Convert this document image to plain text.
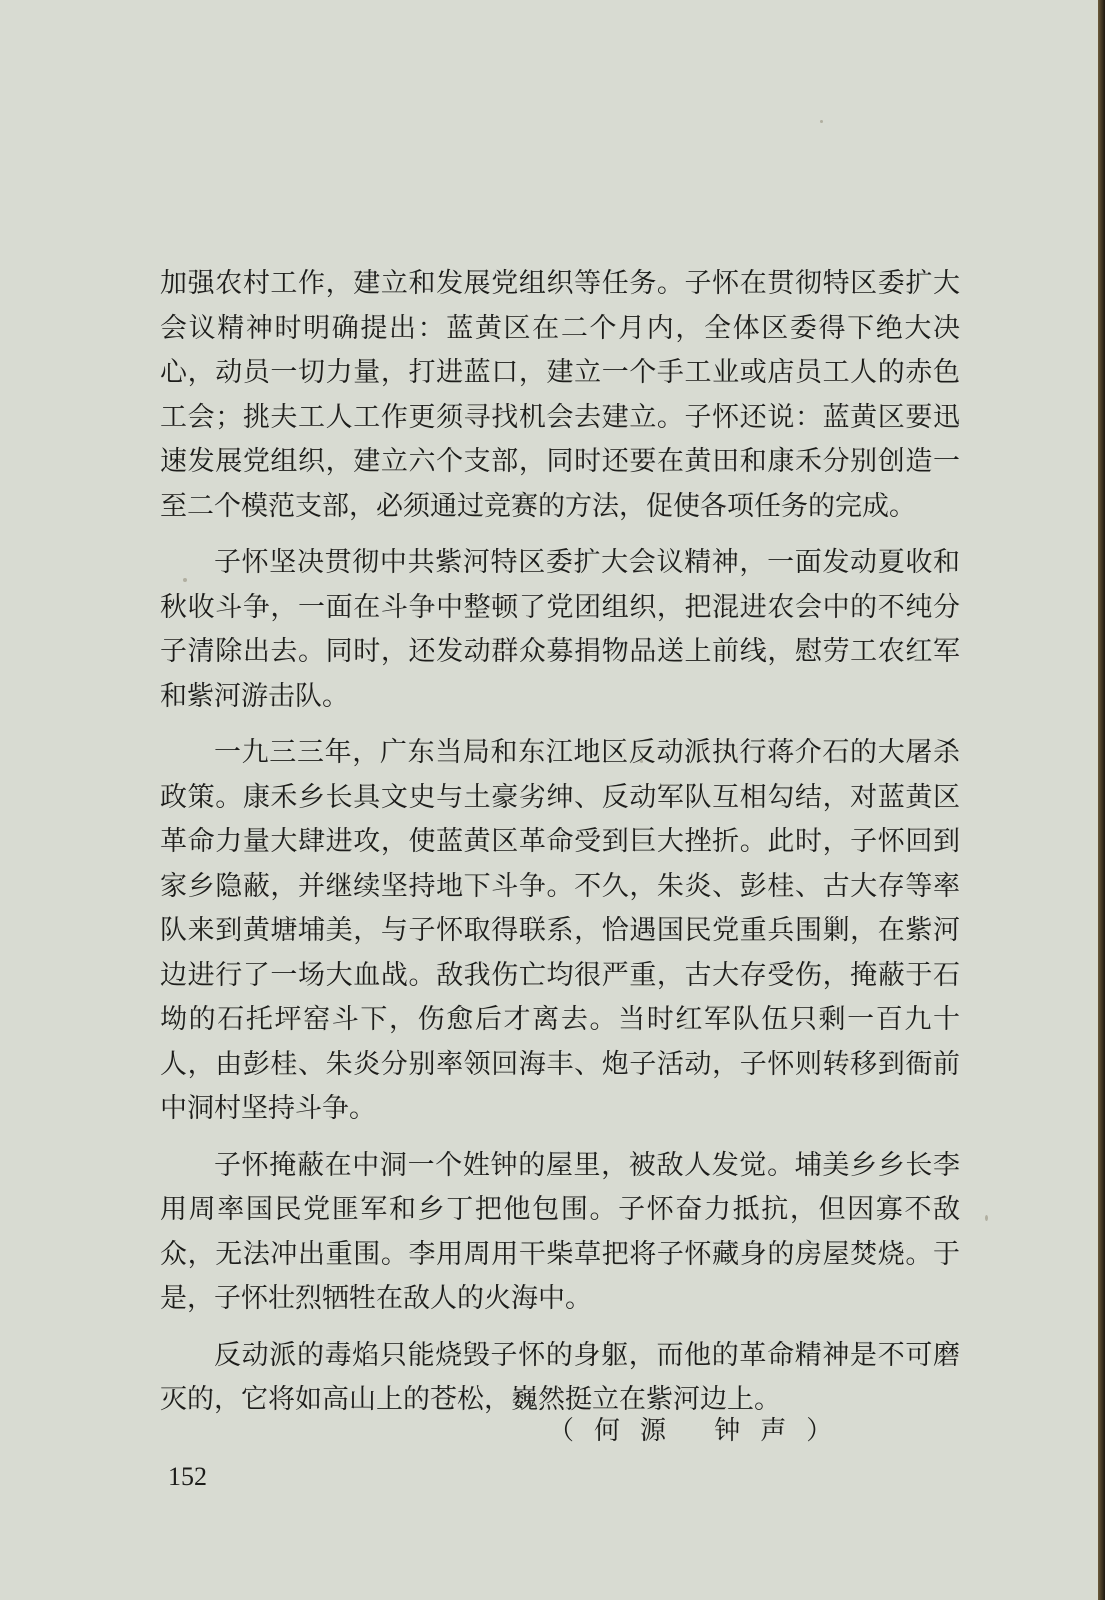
加强农村工作，建立和发展党组织等任务。子怀在贯彻特区委扩大会议精神时明确提出：蓝黄区在二个月内，全体区委得下绝大决心，动员一切力量，打进蓝口，建立一个手工业或店员工人的赤色工会；挑夫工人工作更须寻找机会去建立。子怀还说：蓝黄区要迅速发展党组织，建立六个支部，同时还要在黄田和康禾分别创造一至二个模范支部，必须通过竞赛的方法，促使各项任务的完成。

子怀坚决贯彻中共紫河特区委扩大会议精神，一面发动夏收和秋收斗争，一面在斗争中整顿了党团组织，把混进农会中的不纯分子清除出去。同时，还发动群众募捐物品送上前线，慰劳工农红军和紫河游击队。

一九三三年，广东当局和东江地区反动派执行蒋介石的大屠杀政策。康禾乡长具文史与土豪劣绅、反动军队互相勾结，对蓝黄区革命力量大肆进攻，使蓝黄区革命受到巨大挫折。此时，子怀回到家乡隐蔽，并继续坚持地下斗争。不久，朱炎、彭桂、古大存等率队来到黄塘埔美，与子怀取得联系，恰遇国民党重兵围剿，在紫河边进行了一场大血战。敌我伤亡均很严重，古大存受伤，掩蔽于石坳的石托坪窑斗下，伤愈后才离去。当时红军队伍只剩一百九十人，由彭桂、朱炎分别率领回海丰、炮子活动，子怀则转移到衙前中洞村坚持斗争。

子怀掩蔽在中洞一个姓钟的屋里，被敌人发觉。埔美乡乡长李用周率国民党匪军和乡丁把他包围。子怀奋力抵抗，但因寡不敌众，无法冲出重围。李用周用干柴草把将子怀藏身的房屋焚烧。于是，子怀壮烈牺牲在敌人的火海中。

反动派的毒焰只能烧毁子怀的身躯，而他的革命精神是不可磨灭的，它将如高山上的苍松，巍然挺立在紫河边上。

（何源 钟声）
152
